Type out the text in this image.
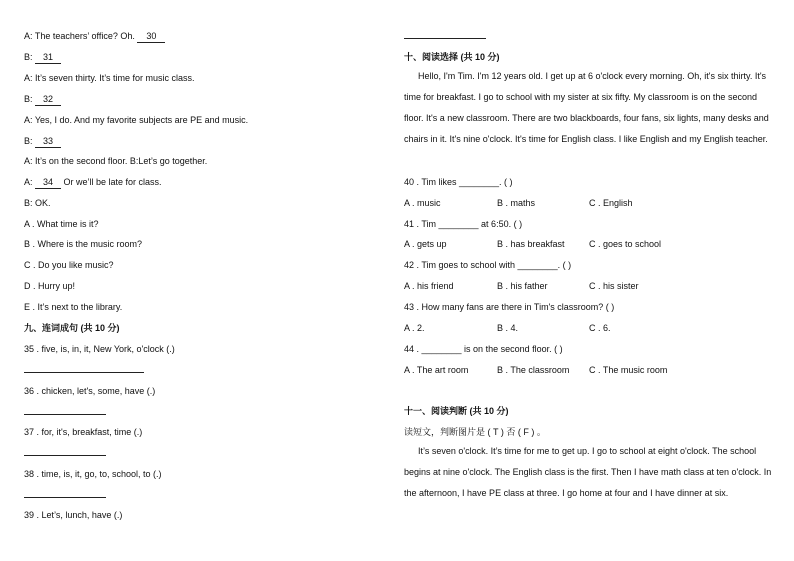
A: The teachers’ office? Oh. 30
B: 31
A: It’s seven thirty. It’s time for music class.
B: 32
A: Yes, I do. And my favorite subjects are PE and music.
B: 33
A: It’s on the second floor. B:Let’s go together.
A: 34 Or we’ll be late for class.
B: OK.
A . What time is it?
B . Where is the music room?
C . Do you like music?
D . Hurry up!
E . It’s next to the library.
九、连词成句 (共 10 分)
35 . five, is, in, it, New York, o'clock (.)
36 . chicken, let's, some, have (.)
37 . for, it's, breakfast, time (.)
38 . time, is, it, go, to, school, to (.)
39 . Let’s, lunch, have (.)
十、阅读选择 (共 10 分)
Hello, I'm Tim. I'm 12 years old. I get up at 6 o'clock every morning. Oh, it's six thirty. It's time for breakfast. I go to school with my sister at six fifty. My classroom is on the second floor. It's a new classroom. There are two blackboards, four fans, six lights, many desks and chairs in it. It's nine o'clock. It's time for English class. I like English and my English teacher.
40 . Tim likes ________. ( )
A . music	B . maths	C . English
41 . Tim ________ at 6:50. ( )
A . gets up	B . has breakfast	C . goes to school
42 . Tim goes to school with ________. ( )
A . his friend	B . his father	C . his sister
43 . How many fans are there in Tim's classroom? ( )
A . 2.	B . 4.	C . 6.
44 . ________ is on the second floor. ( )
A . The art room	B . The classroom C . The music room
十一、阅读判断 (共 10 分)
读短文，判断图片是 ( T ) 否 ( F ) 。
It’s seven o'clock. It’s time for me to get up. I go to school at eight o'clock. The school begins at nine o'clock. The English class is the first. Then I have math class at ten o'clock. In the afternoon, I have PE class at three. I go home at four and I have dinner at six.
